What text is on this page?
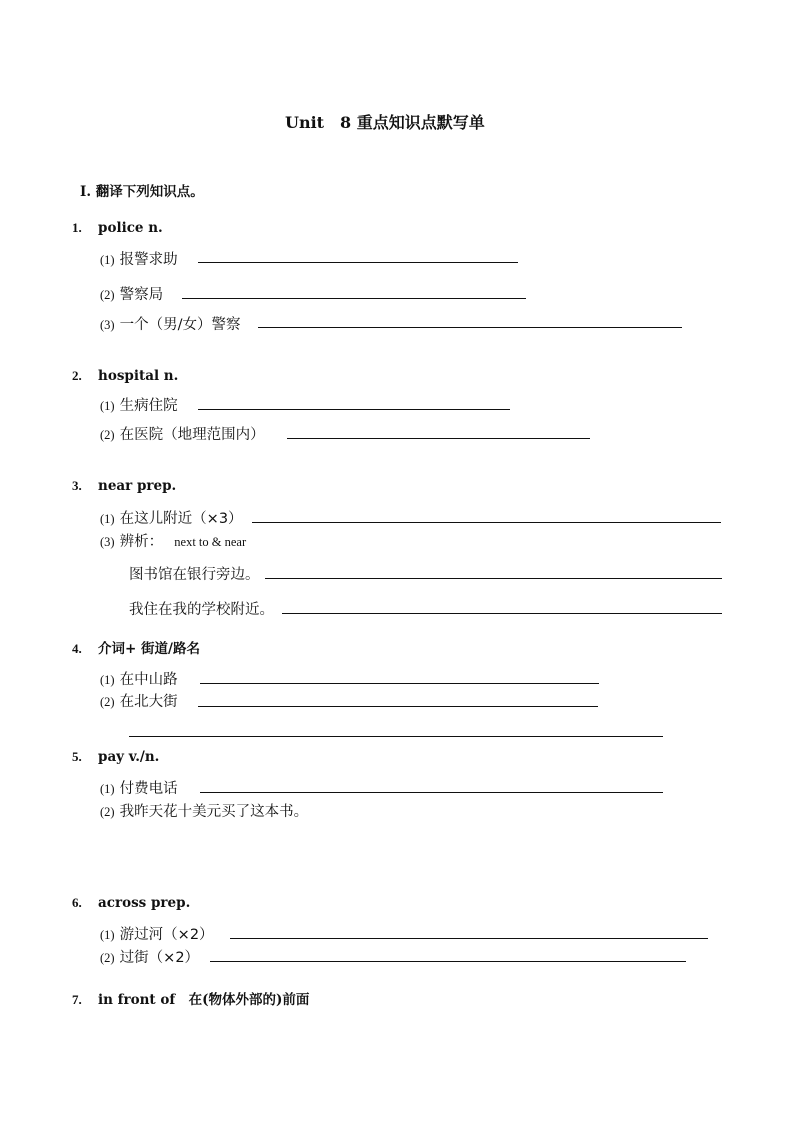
Unit　8 重点知识点默写单
Ⅰ. 翻译下列知识点。
1. police n.
(1) 报警求助
(2) 警察局
(3) 一个（男/女）警察
2. hospital n.
(1) 生病住院
(2) 在医院（地理范围内）
3. near prep.
(1) 在这儿附近（×3）
(3) 辨析： next to & near
图书馆在银行旁边。
我住在我的学校附近。
4. 介词+ 街道/路名
(1) 在中山路
(2) 在北大街
5. pay v./n.
(1) 付费电话
(2) 我昨天花十美元买了这本书。
6. across prep.
(1) 游过河（×2）
(2) 过街（×2）
7. in front of　在(物体外部的)前面
